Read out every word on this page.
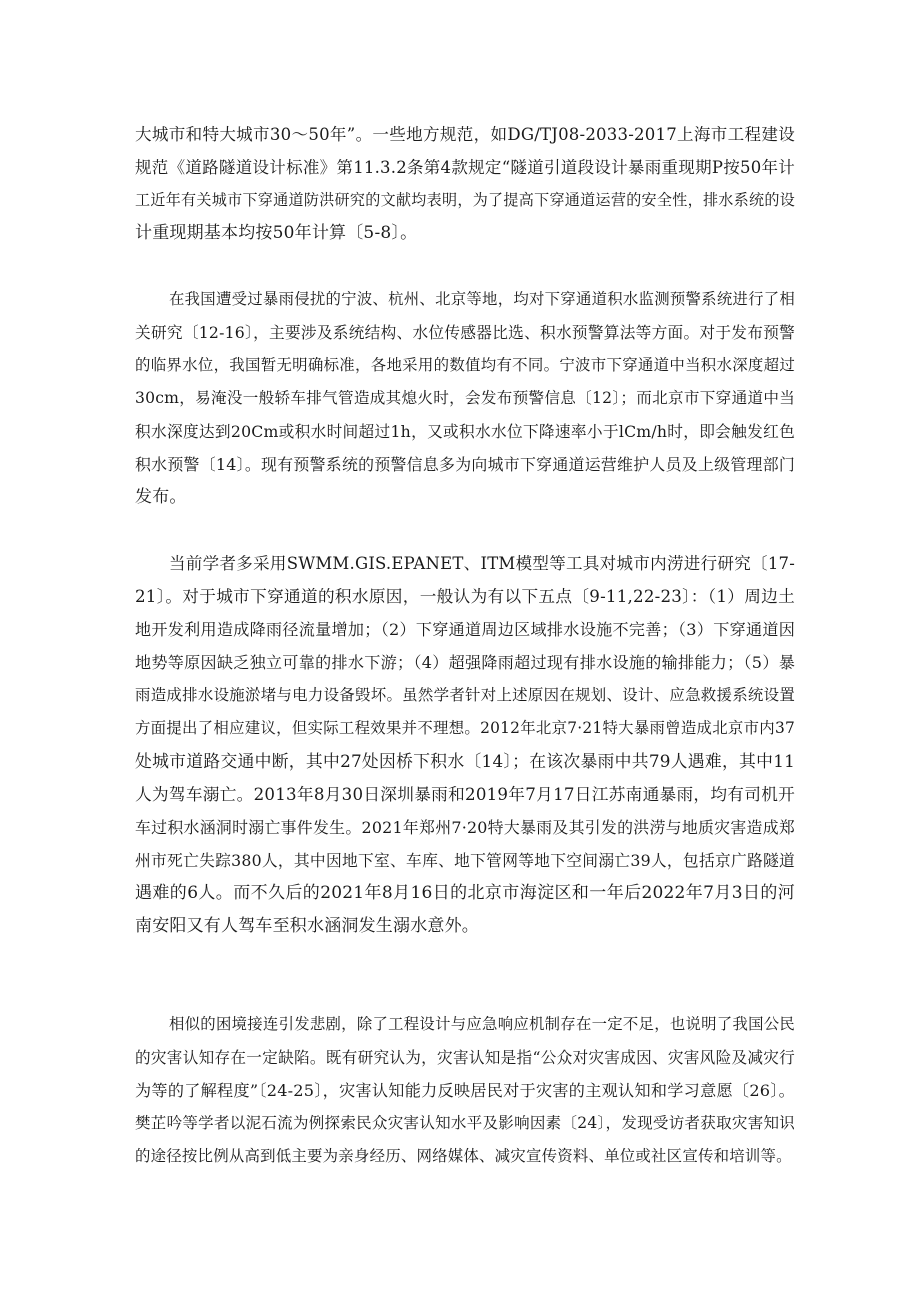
大城市和特大城市30～50年”。一些地方规范，如DG/TJ08-2033-2017上海市工程建设
规范《道路隧道设计标准》第11.3.2条第4款规定“隧道引道段设计暴雨重现期P按50年计
工近年有关城市下穿通道防洪研究的文献均表明，为了提高下穿通道运营的安全性，排水系统的设
计重现期基本均按50年计算〔5-8〕。
在我国遭受过暴雨侵扰的宁波、杭州、北京等地，均对下穿通道积水监测预警系统进行了相
关研究〔12-16〕，主要涉及系统结构、水位传感器比选、积水预警算法等方面。对于发布预警
的临界水位，我国暂无明确标准，各地采用的数值均有不同。宁波市下穿通道中当积水深度超过
30cm，易淹没一般轿车排气管造成其熄火时，会发布预警信息〔12〕；而北京市下穿通道中当
积水深度达到20Cm或积水时间超过1h，又或积水水位下降速率小于lCm/h时，即会触发红色
积水预警〔14〕。现有预警系统的预警信息多为向城市下穿通道运营维护人员及上级管理部门
发布。
当前学者多采用SWMM.GIS.EPANET、ITM模型等工具对城市内涝进行研究〔17-
21〕。对于城市下穿通道的积水原因，一般认为有以下五点〔9-11,22-23〕：（1）周边土
地开发利用造成降雨径流量增加；（2）下穿通道周边区域排水设施不完善；（3）下穿通道因
地势等原因缺乏独立可靠的排水下游；（4）超强降雨超过现有排水设施的输排能力；（5）暴
雨造成排水设施淤堵与电力设备毁坏。虽然学者针对上述原因在规划、设计、应急救援系统设置
方面提出了相应建议，但实际工程效果并不理想。2012年北京7·21特大暴雨曾造成北京市内37
处城市道路交通中断，其中27处因桥下积水〔14〕；在该次暴雨中共79人遇难，其中11
人为驾车溺亡。2013年8月30日深圳暴雨和2019年7月17日江苏南通暴雨，均有司机开
车过积水涵洞时溺亡事件发生。2021年郑州7·20特大暴雨及其引发的洪涝与地质灾害造成郑
州市死亡失踪380人，其中因地下室、车库、地下管网等地下空间溺亡39人，包括京广路隧道
遇难的6人。而不久后的2021年8月16日的北京市海淀区和一年后2022年7月3日的河
南安阳又有人驾车至积水涵洞发生溺水意外。
相似的困境接连引发悲剧，除了工程设计与应急响应机制存在一定不足，也说明了我国公民
的灾害认知存在一定缺陷。既有研究认为，灾害认知是指“公众对灾害成因、灾害风险及减灾行
为等的了解程度”〔24-25〕，灾害认知能力反映居民对于灾害的主观认知和学习意愿〔26〕。
樊芷吟等学者以泥石流为例探索民众灾害认知水平及影响因素〔24〕，发现受访者获取灾害知识
的途径按比例从高到低主要为亲身经历、网络媒体、减灾宣传资料、单位或社区宣传和培训等。
